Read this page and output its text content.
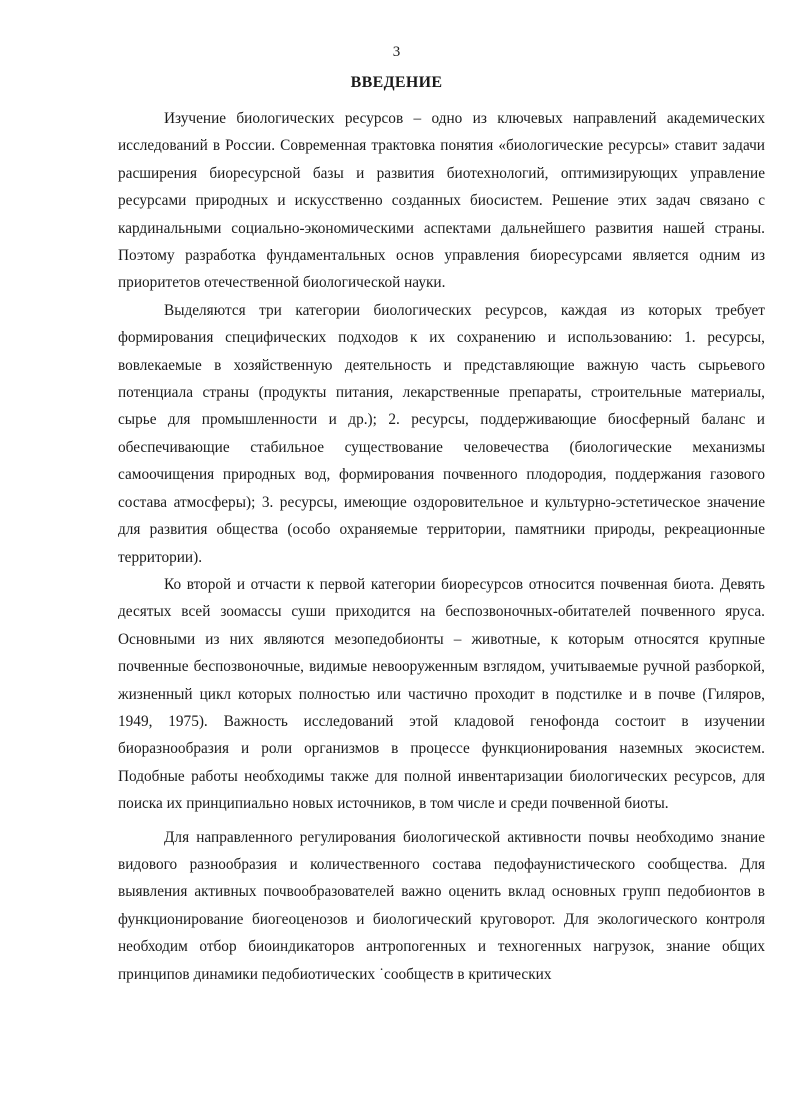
3
ВВЕДЕНИЕ

Изучение биологических ресурсов – одно из ключевых направлений академических исследований в России. Современная трактовка понятия «биологические ресурсы» ставит задачи расширения биоресурсной базы и развития биотехнологий, оптимизирующих управление ресурсами природных и искусственно созданных биосистем. Решение этих задач связано с кардинальными социально-экономическими аспектами дальнейшего развития нашей страны. Поэтому разработка фундаментальных основ управления биоресурсами является одним из приоритетов отечественной биологической науки.

Выделяются три категории биологических ресурсов, каждая из которых требует формирования специфических подходов к их сохранению и использованию: 1. ресурсы, вовлекаемые в хозяйственную деятельность и представляющие важную часть сырьевого потенциала страны (продукты питания, лекарственные препараты, строительные материалы, сырье для промышленности и др.); 2. ресурсы, поддерживающие биосферный баланс и обеспечивающие стабильное существование человечества (биологические механизмы самоочищения природных вод, формирования почвенного плодородия, поддержания газового состава атмосферы); 3. ресурсы, имеющие оздоровительное и культурно-эстетическое значение для развития общества (особо охраняемые территории, памятники природы, рекреационные территории).

Ко второй и отчасти к первой категории биоресурсов относится почвенная биота. Девять десятых всей зоомассы суши приходится на беспозвоночных-обитателей почвенного яруса. Основными из них являются мезопедобионты – животные, к которым относятся крупные почвенные беспозвоночные, видимые невооруженным взглядом, учитываемые ручной разборкой, жизненный цикл которых полностью или частично проходит в подстилке и в почве (Гиляров, 1949, 1975). Важность исследований этой кладовой генофонда состоит в изучении биоразнообразия и роли организмов в процессе функционирования наземных экосистем. Подобные работы необходимы также для полной инвентаризации биологических ресурсов, для поиска их принципиально новых источников, в том числе и среди почвенной биоты.

Для направленного регулирования биологической активности почвы необходимо знание видового разнообразия и количественного состава педофаунистического сообщества. Для выявления активных почвообразователей важно оценить вклад основных групп педобионтов в функционирование биогеоценозов и биологический круговорот. Для экологического контроля необходим отбор биоиндикаторов антропогенных и техногенных нагрузок, знание общих принципов динамики педобиотических ˙сообществ в критических
